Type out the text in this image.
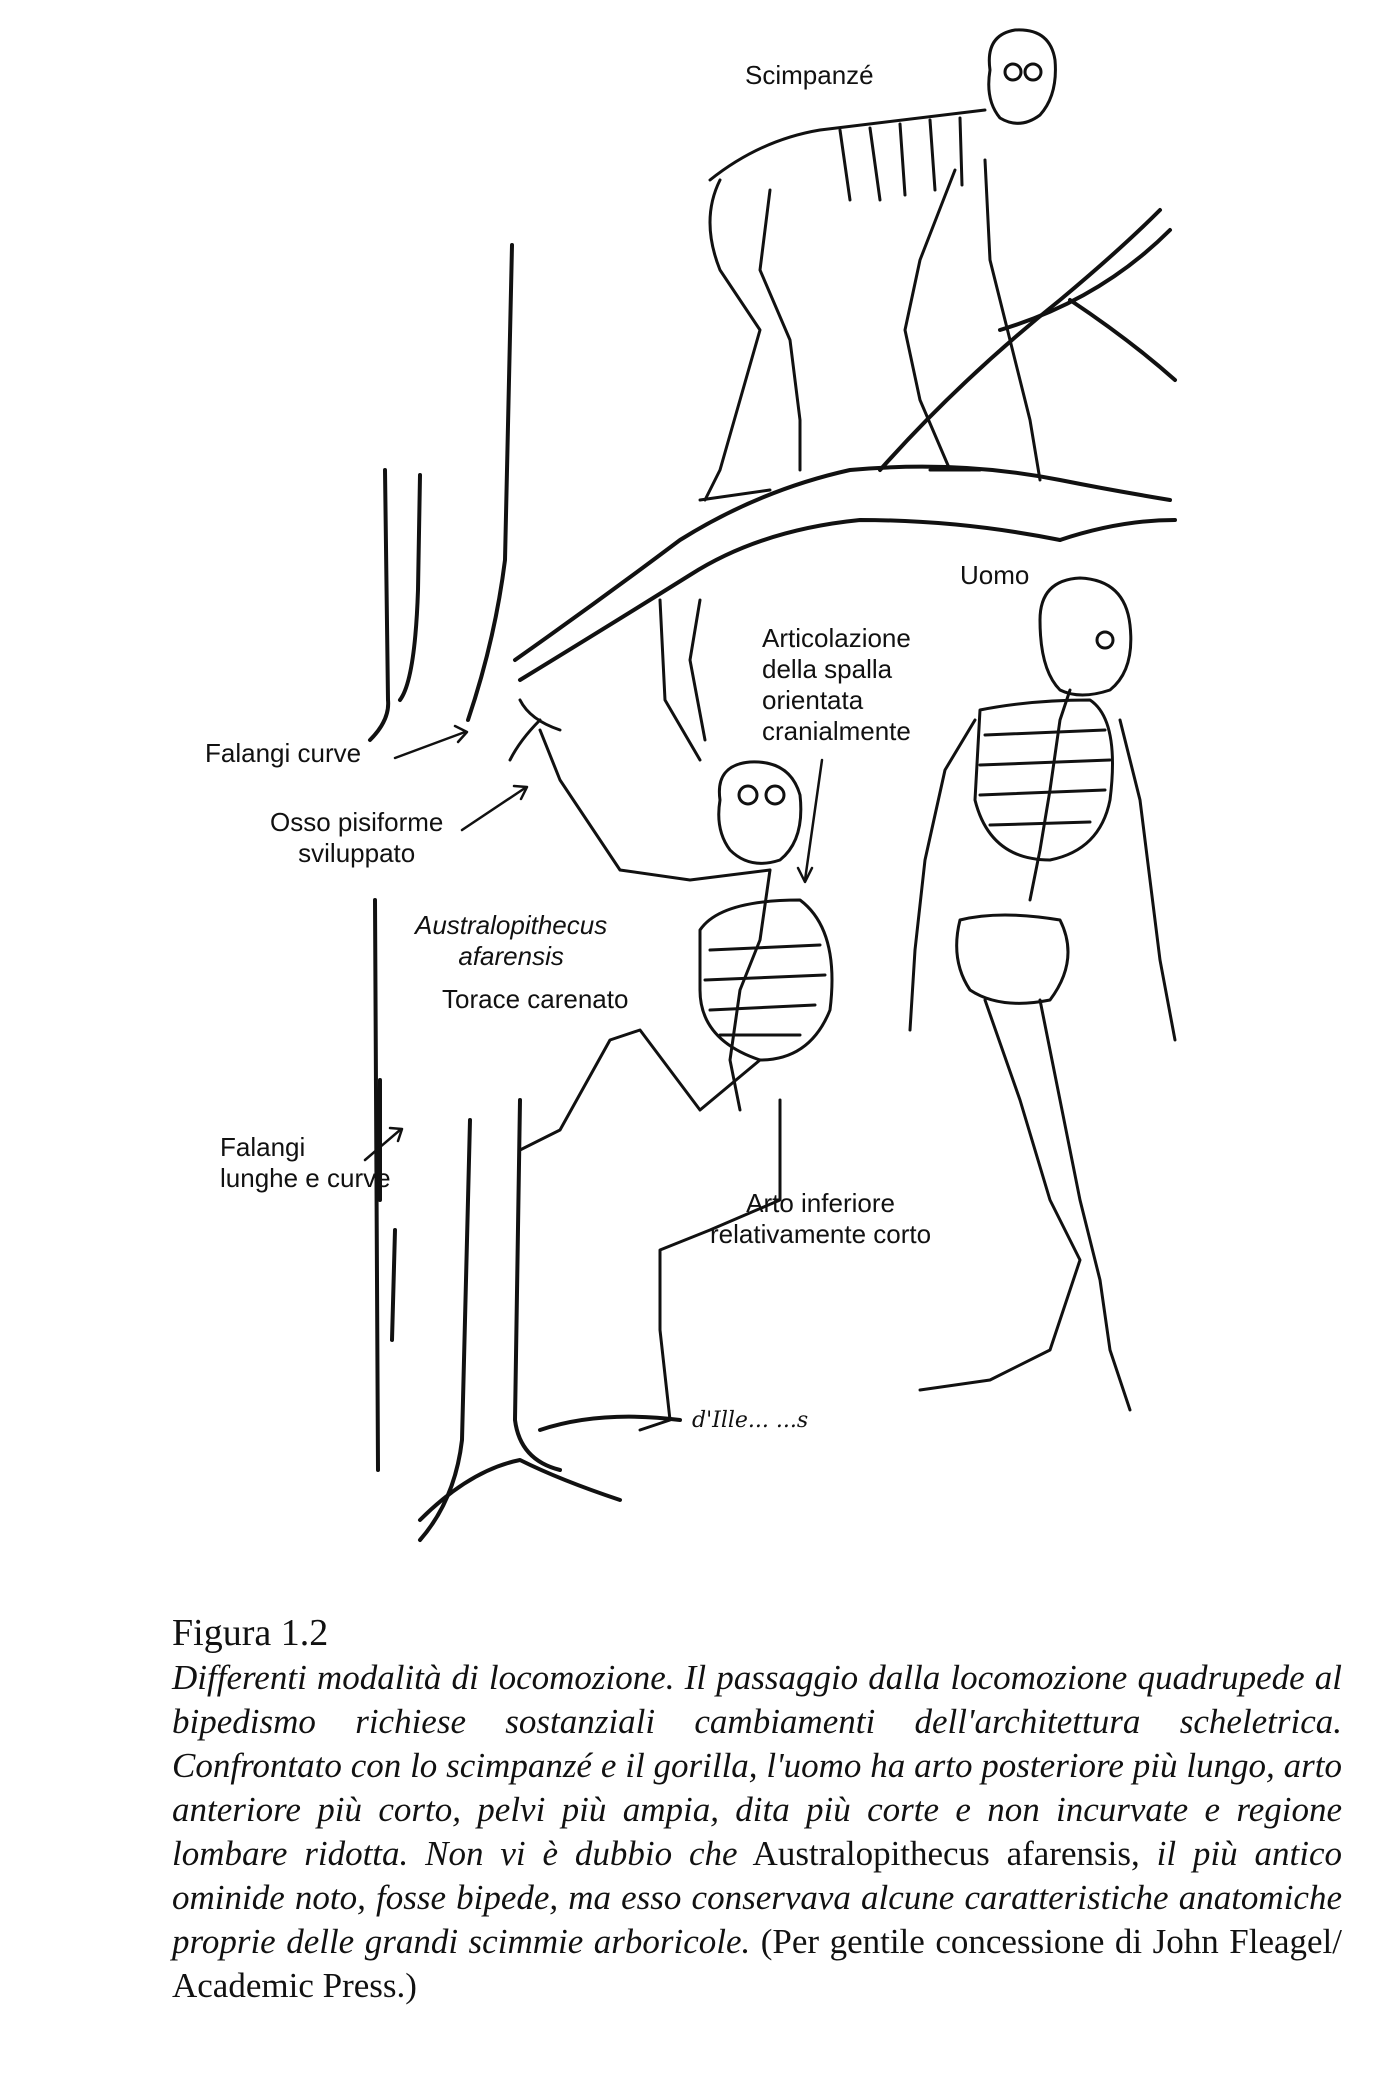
Scimpanzé
Uomo
Articolazione
della spalla
orientata
cranialmente
Falangi curve
Osso pisiforme
sviluppato
Australopithecus
afarensis
Torace carenato
Falangi
lunghe e curve
Arto inferiore
relativamente corto
d'Ille... ...s
Figura 1.2
Differenti modalità di locomozione. Il passaggio dalla locomozione quadrupede al bipedismo richiese sostanziali cambiamenti dell'architettura scheletrica. Confrontato con lo scimpanzé e il gorilla, l'uomo ha arto posteriore più lungo, arto anteriore più corto, pelvi più ampia, dita più corte e non incurvate e regione lombare ridotta. Non vi è dubbio che Australopithecus afarensis, il più antico ominide noto, fosse bipede, ma esso conservava alcune caratteristiche anatomiche proprie delle grandi scimmie arboricole. (Per gentile concessione di John Fleagel/ Academic Press.)
